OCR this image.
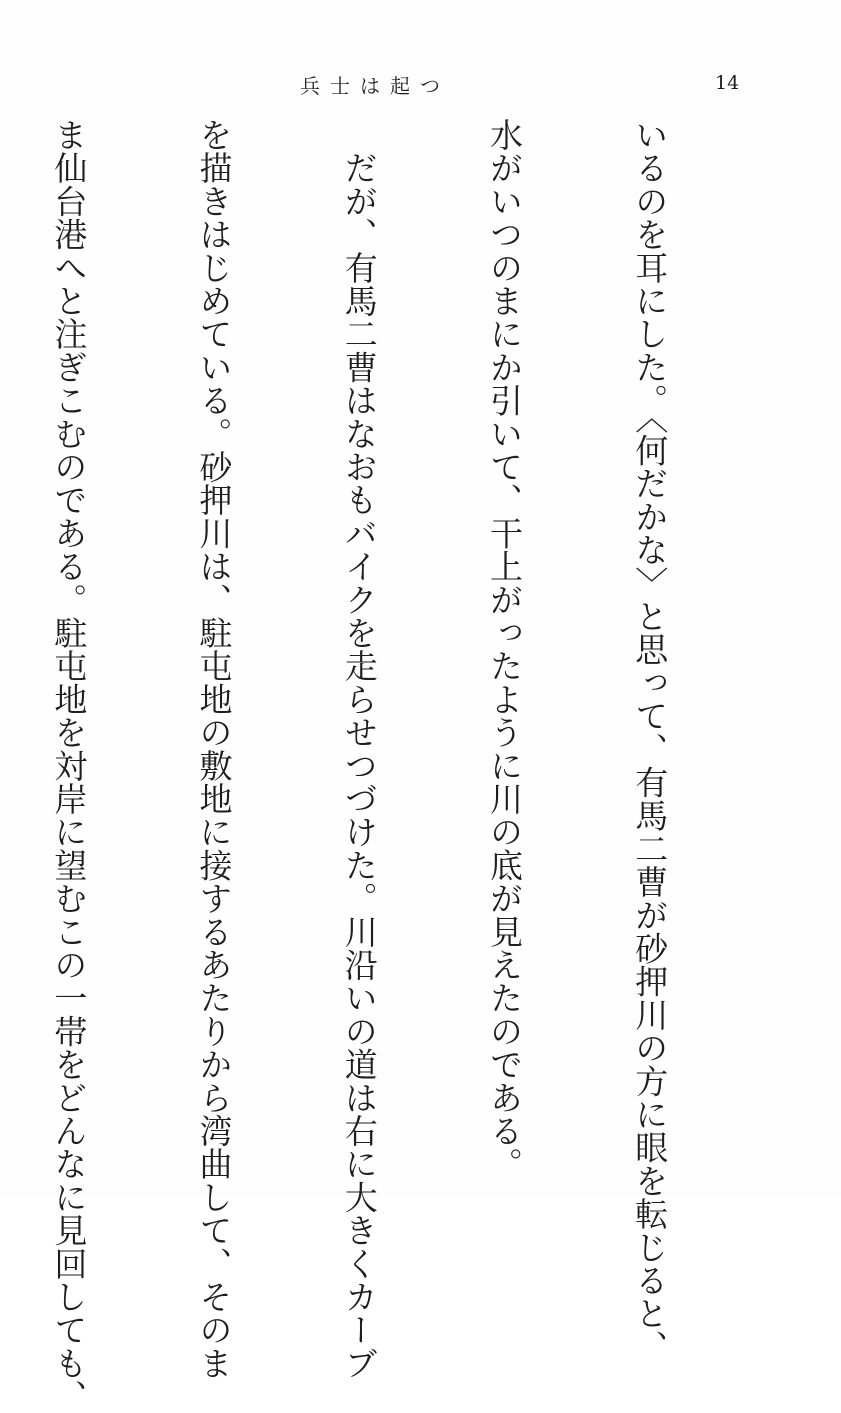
兵士は起つ	14

いるのを耳にした。〈何だかな〉と思って、有馬二曹が砂押川の方に眼を転じると、

水がいつのまにか引いて、干上がったように川の底が見えたのである。

　だが、有馬二曹はなおもバイクを走らせつづけた。川沿いの道は右に大きくカーブ

を描きはじめている。砂押川は、駐屯地の敷地に接するあたりから湾曲して、そのま

ま仙台港へと注ぎこむのである。駐屯地を対岸に望むこの一帯をどんなに見回しても、
